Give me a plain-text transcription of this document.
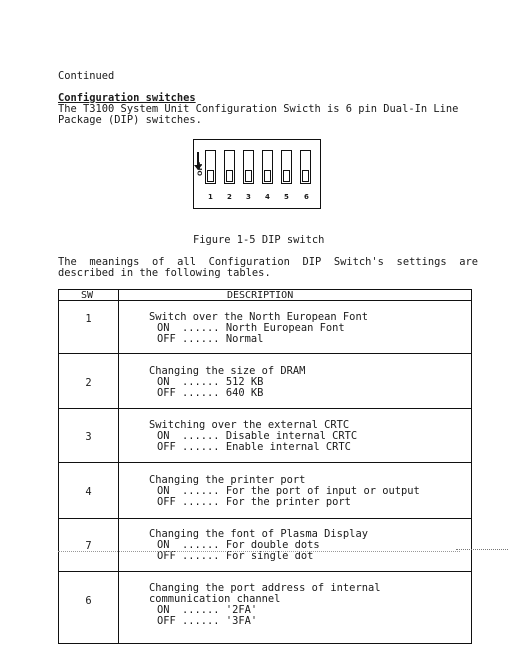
Continued
Configuration switches
The T3100 System Unit Configuration Swicth is 6 pin Dual-In Line
Package (DIP) switches.
OFF
1 2 3 4 5 6
Figure 1-5 DIP switch
The meanings of all Configuration DIP Switch's settings are
described in the following tables.
SW	DESCRIPTION
1	Switch over the North European Font
ON  ...... North European Font
OFF ...... Normal
2
Changing the size of DRAM
ON  ...... 512 KB
OFF ...... 640 KB
3
Switching over the external CRTC
ON  ...... Disable internal CRTC
OFF ...... Enable internal CRTC
4
Changing the printer port
ON  ...... For the port of input or output
OFF ...... For the printer port
7
Changing the font of Plasma Display
ON  ...... For double dots
OFF ...... For single dot
6
Changing the port address of internal
communication channel
ON  ...... '2FA'
OFF ...... '3FA'
